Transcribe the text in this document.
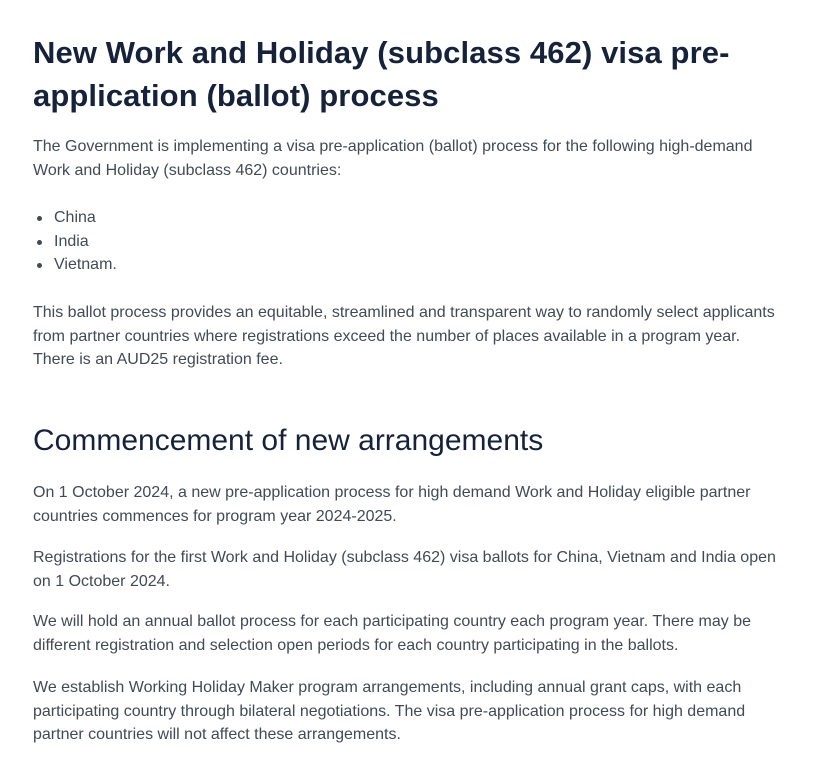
New Work and Holiday (subclass 462) visa pre-application (ballot) process

The Government is implementing a visa pre-application (ballot) process for the following high-demand Work and Holiday (subclass 462) countries:

China
India
Vietnam.

This ballot process provides an equitable, streamlined and transparent way to randomly select applicants from partner countries where registrations exceed the number of places available in a program year. There is an AUD25 registration fee.

Commencement of new arrangements

On 1 October 2024, a new pre-application process for high demand Work and Holiday eligible partner countries commences for program year 2024-2025.

Registrations for the first Work and Holiday (subclass 462) visa ballots for China, Vietnam and India open on 1 October 2024.

We will hold an annual ballot process for each participating country each program year. There may be different registration and selection open periods for each country participating in the ballots.

We establish Working Holiday Maker program arrangements, including annual grant caps, with each participating country through bilateral negotiations. The visa pre-application process for high demand partner countries will not affect these arrangements.
